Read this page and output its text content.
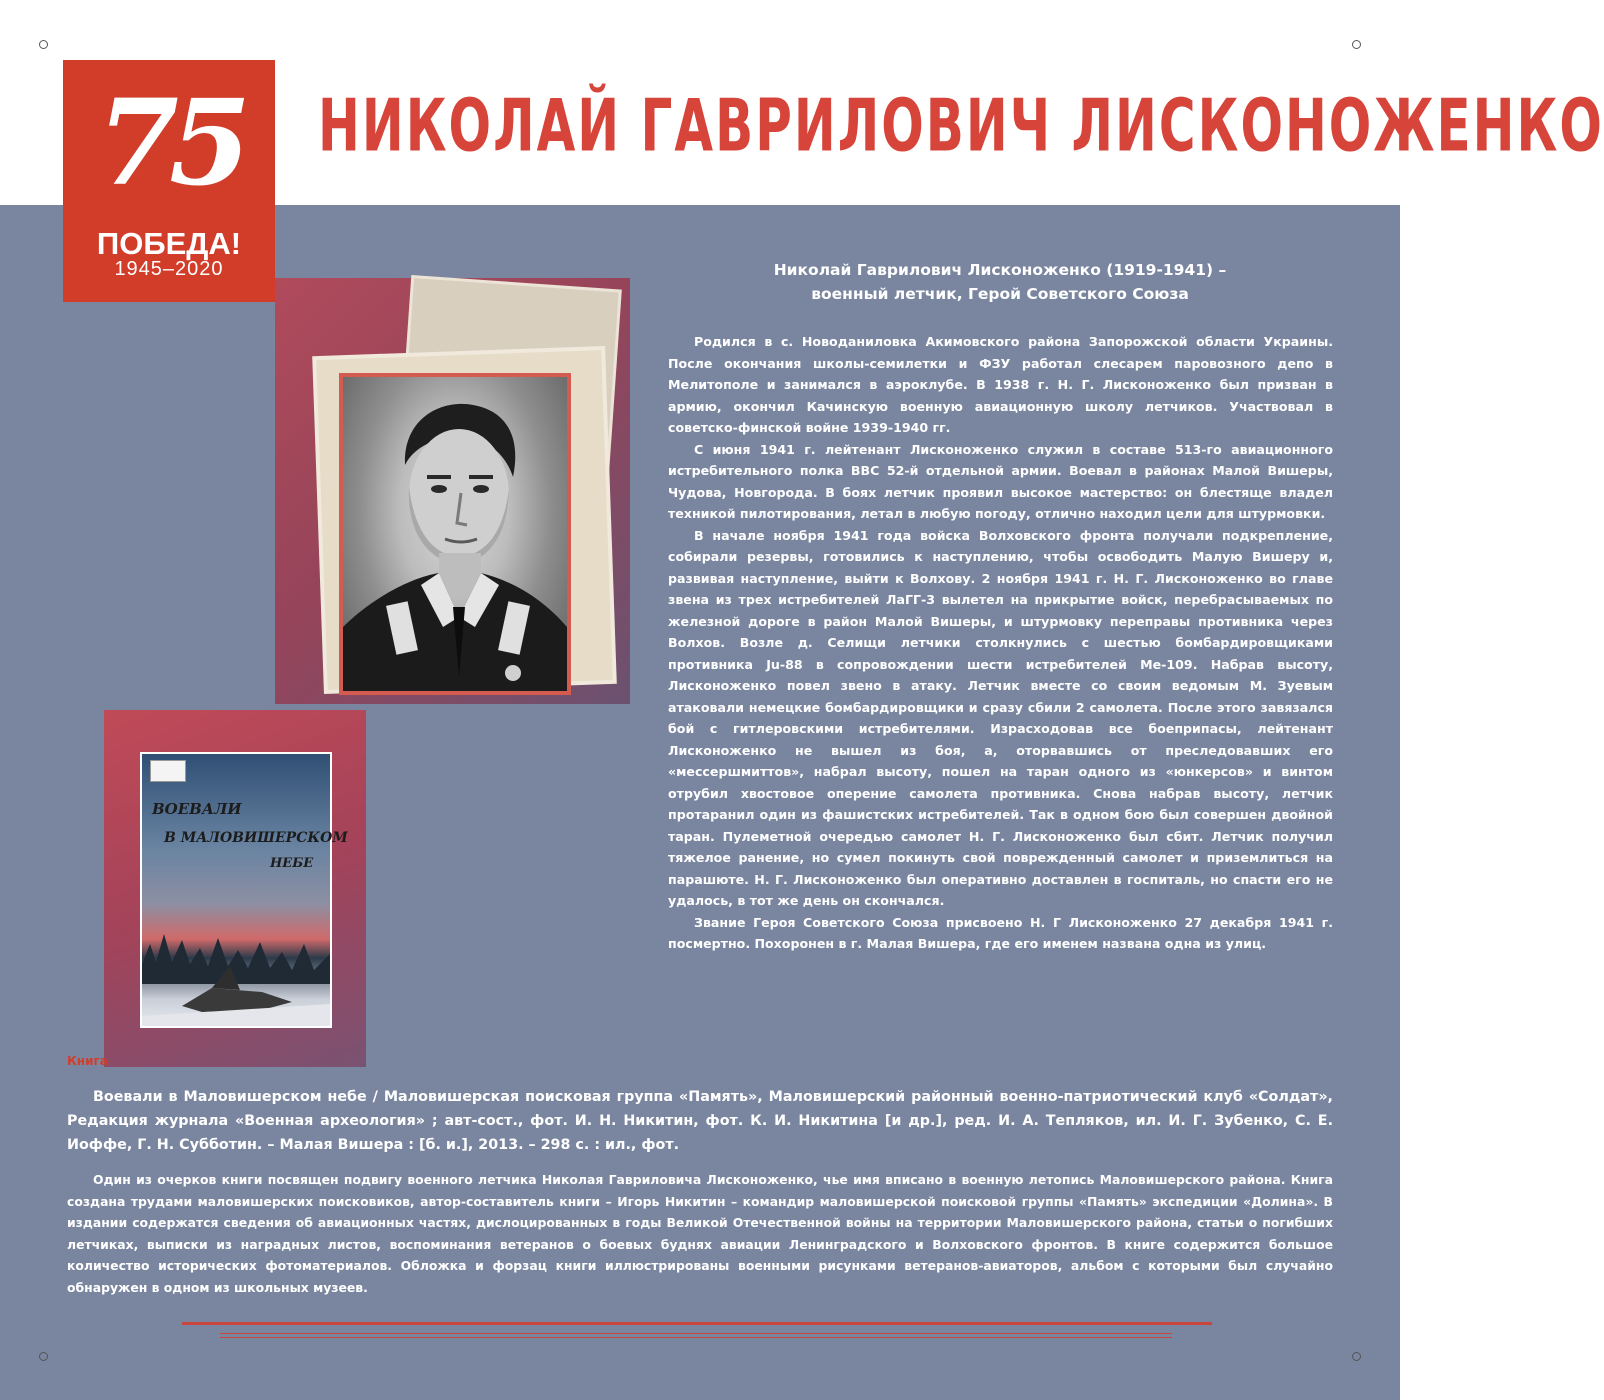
75
ПОБЕДА!
1945–2020
НИКОЛАЙ ГАВРИЛОВИЧ ЛИСКОНОЖЕНКО
ВОЕВАЛИ
В МАЛОВИШЕРСКОМ
НЕБЕ
Книга
Николай Гаврилович Лисконоженко (1919-1941) –
военный летчик, Герой Советского Союза

Родился в с. Новоданиловка Акимовского района Запорожской области Украины. После окончания школы-семилетки и ФЗУ работал слесарем паровозного депо в Мелитополе и занимался в аэроклубе. В 1938 г. Н. Г. Лисконоженко был призван в армию, окончил Качинскую военную авиационную школу летчиков. Участвовал в советско-финской войне 1939-1940 гг.

С июня 1941 г. лейтенант Лисконоженко служил в составе 513-го авиационного истребительного полка ВВС 52-й отдельной армии. Воевал в районах Малой Вишеры, Чудова, Новгорода. В боях летчик проявил высокое мастерство: он блестяще владел техникой пилотирования, летал в любую погоду, отлично находил цели для штурмовки.

В начале ноября 1941 года войска Волховского фронта получали подкрепление, собирали резервы, готовились к наступлению, чтобы освободить Малую Вишеру и, развивая наступление, выйти к Волхову. 2 ноября 1941 г. Н. Г. Лисконоженко во главе звена из трех истребителей ЛаГГ-3 вылетел на прикрытие войск, перебрасываемых по железной дороге в район Малой Вишеры, и штурмовку переправы противника через Волхов. Возле д. Селищи летчики столкнулись с шестью бомбардировщиками противника Ju-88 в сопровождении шести истребителей Ме-109. Набрав высоту, Лисконоженко повел звено в атаку. Летчик вместе со своим ведомым М. Зуевым атаковали немецкие бомбардировщики и сразу сбили 2 самолета. После этого завязался бой с гитлеровскими истребителями. Израсходовав все боеприпасы, лейтенант Лисконоженко не вышел из боя, а, оторвавшись от преследовавших его «мессершмиттов», набрал высоту, пошел на таран одного из «юнкерсов» и винтом отрубил хвостовое оперение самолета противника. Снова набрав высоту, летчик протаранил один из фашистских истребителей. Так в одном бою был совершен двойной таран. Пулеметной очередью самолет Н. Г. Лисконоженко был сбит. Летчик получил тяжелое ранение, но сумел покинуть свой поврежденный самолет и приземлиться на парашюте. Н. Г. Лисконоженко был оперативно доставлен в госпиталь, но спасти его не удалось, в тот же день он скончался.

Звание Героя Советского Союза присвоено Н. Г Лисконоженко 27 декабря 1941 г. посмертно. Похоронен в г. Малая Вишера, где его именем названа одна из улиц.

Воевали в Маловишерском небе / Маловишерская поисковая группа «Память», Маловишерский районный военно-патриотический клуб «Солдат», Редакция журнала «Военная археология» ; авт-сост., фот. И. Н. Никитин, фот. К. И. Никитина [и др.], ред. И. А. Тепляков, ил. И. Г. Зубенко, С. Е. Иоффе, Г. Н. Субботин. – Малая Вишера : [б. и.], 2013. – 298 с. : ил., фот.

Один из очерков книги посвящен подвигу военного летчика Николая Гавриловича Лисконоженко, чье имя вписано в военную летопись Маловишерского района. Книга создана трудами маловишерских поисковиков, автор-составитель книги – Игорь Никитин – командир маловишерской поисковой группы «Память» экспедиции «Долина». В издании содержатся сведения об авиационных частях, дислоцированных в годы Великой Отечественной войны на территории Маловишерского района, статьи о погибших летчиках, выписки из наградных листов, воспоминания ветеранов о боевых буднях авиации Ленинградского и Волховского фронтов. В книге содержится большое количество исторических фотоматериалов. Обложка и форзац книги иллюстрированы военными рисунками ветеранов-авиаторов, альбом с которыми был случайно обнаружен в одном из школьных музеев.
